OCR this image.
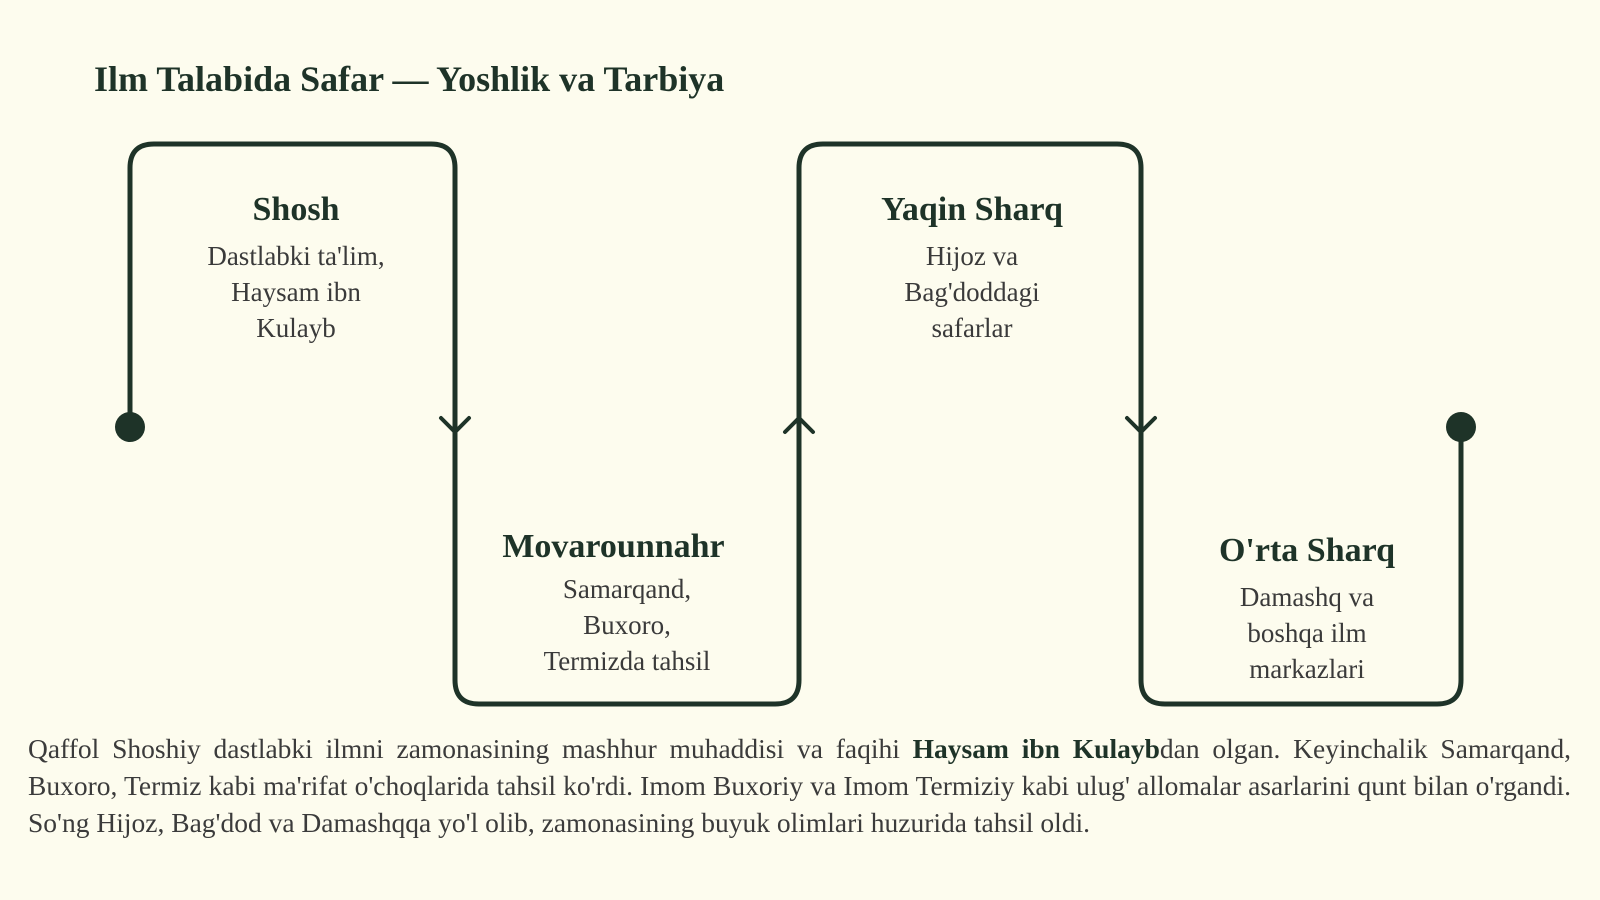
Ilm Talabida Safar — Yoshlik va Tarbiya
Shosh
Dastlabki ta'lim,
Haysam ibn
Kulayb
Movarounnahr
Samarqand,
Buxoro,
Termizda tahsil
Yaqin Sharq
Hijoz va
Bag'doddagi
safarlar
O'rta Sharq
Damashq va
boshqa ilm
markazlari
Qaffol Shoshiy dastlabki ilmni zamonasining mashhur muhaddisi va faqihi Haysam ibn Kulaybdan olgan. Keyinchalik Samarqand, Buxoro, Termiz kabi ma'rifat o'choqlarida tahsil ko'rdi. Imom Buxoriy va Imom Termiziy kabi ulug' allomalar asarlarini qunt bilan o'rgandi. So'ng Hijoz, Bag'dod va Damashqqa yo'l olib, zamonasining buyuk olimlari huzurida tahsil oldi.
